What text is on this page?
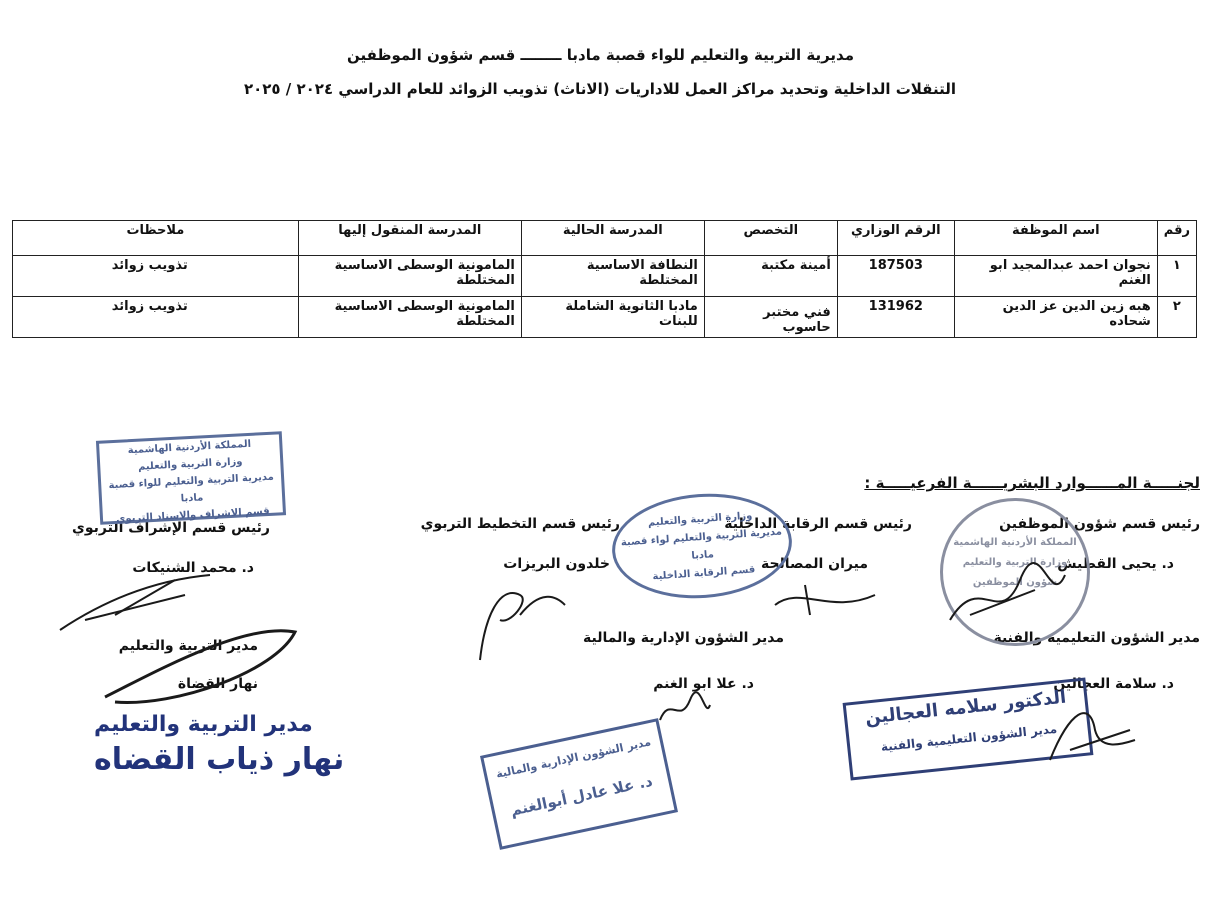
مديرية التربية والتعليم للواء قصبة مادبا ــــــــ قسم شؤون الموظفين
التنقلات الداخلية وتحديد مراكز العمل للاداريات (الاناث) تذويب الزوائد للعام الدراسي ٢٠٢٤ / ٢٠٢٥
رقم	اسم الموظفة	الرقم الوزاري	التخصص	المدرسة الحالية	المدرسة المنقول إليها	ملاحظات
١	نجوان احمد عبدالمجيد ابو الغنم	187503	أمينة مكتبة	النطافة الاساسية المختلطة	المامونية الوسطى الاساسية المختلطة	تذويب زوائد
٢	هبه زين الدين عز الدين شحاده	131962	فني مختبر حاسوب	مادبا الثانوية الشاملة للبنات	المامونية الوسطى الاساسية المختلطة	تذويب زوائد
لجنـــــة المــــــوارد البشريــــــة الفرعيـــــة :
رئيس قسم شؤون الموظفين
د. يحيى القطيش
رئيس قسم الرقابة الداخلية
ميران المصالحة
رئيس قسم التخطيط التربوي
خلدون البريزات
رئيس قسم الإشراف التربوي
د. محمد الشنيكات
مدير الشؤون التعليمية والفنية
د. سلامة العجالين
مدير الشؤون الإدارية والمالية
د. علا ابو الغنم
مدير التربية والتعليم
نهار القضاة
المملكة الأردنية الهاشمية
وزارة التربية والتعليم
مديرية التربية والتعليم للواء قصبة مادبا
قسم الاشراف والاسناد التربوي	وزارة التربية والتعليم
مديرية التربية والتعليم لواء قصبة مادبا
قسم الرقابة الداخلية
المملكة الأردنية الهاشمية
وزارة التربية والتعليم
شؤون الموظفين
الدكتور سلامه العجالين
مدير الشؤون التعليمية والفنية
مدير الشؤون الإدارية والمالية
د. علا عادل أبوالغنم
مدير التربية والتعليم
نهار ذياب القضاه
